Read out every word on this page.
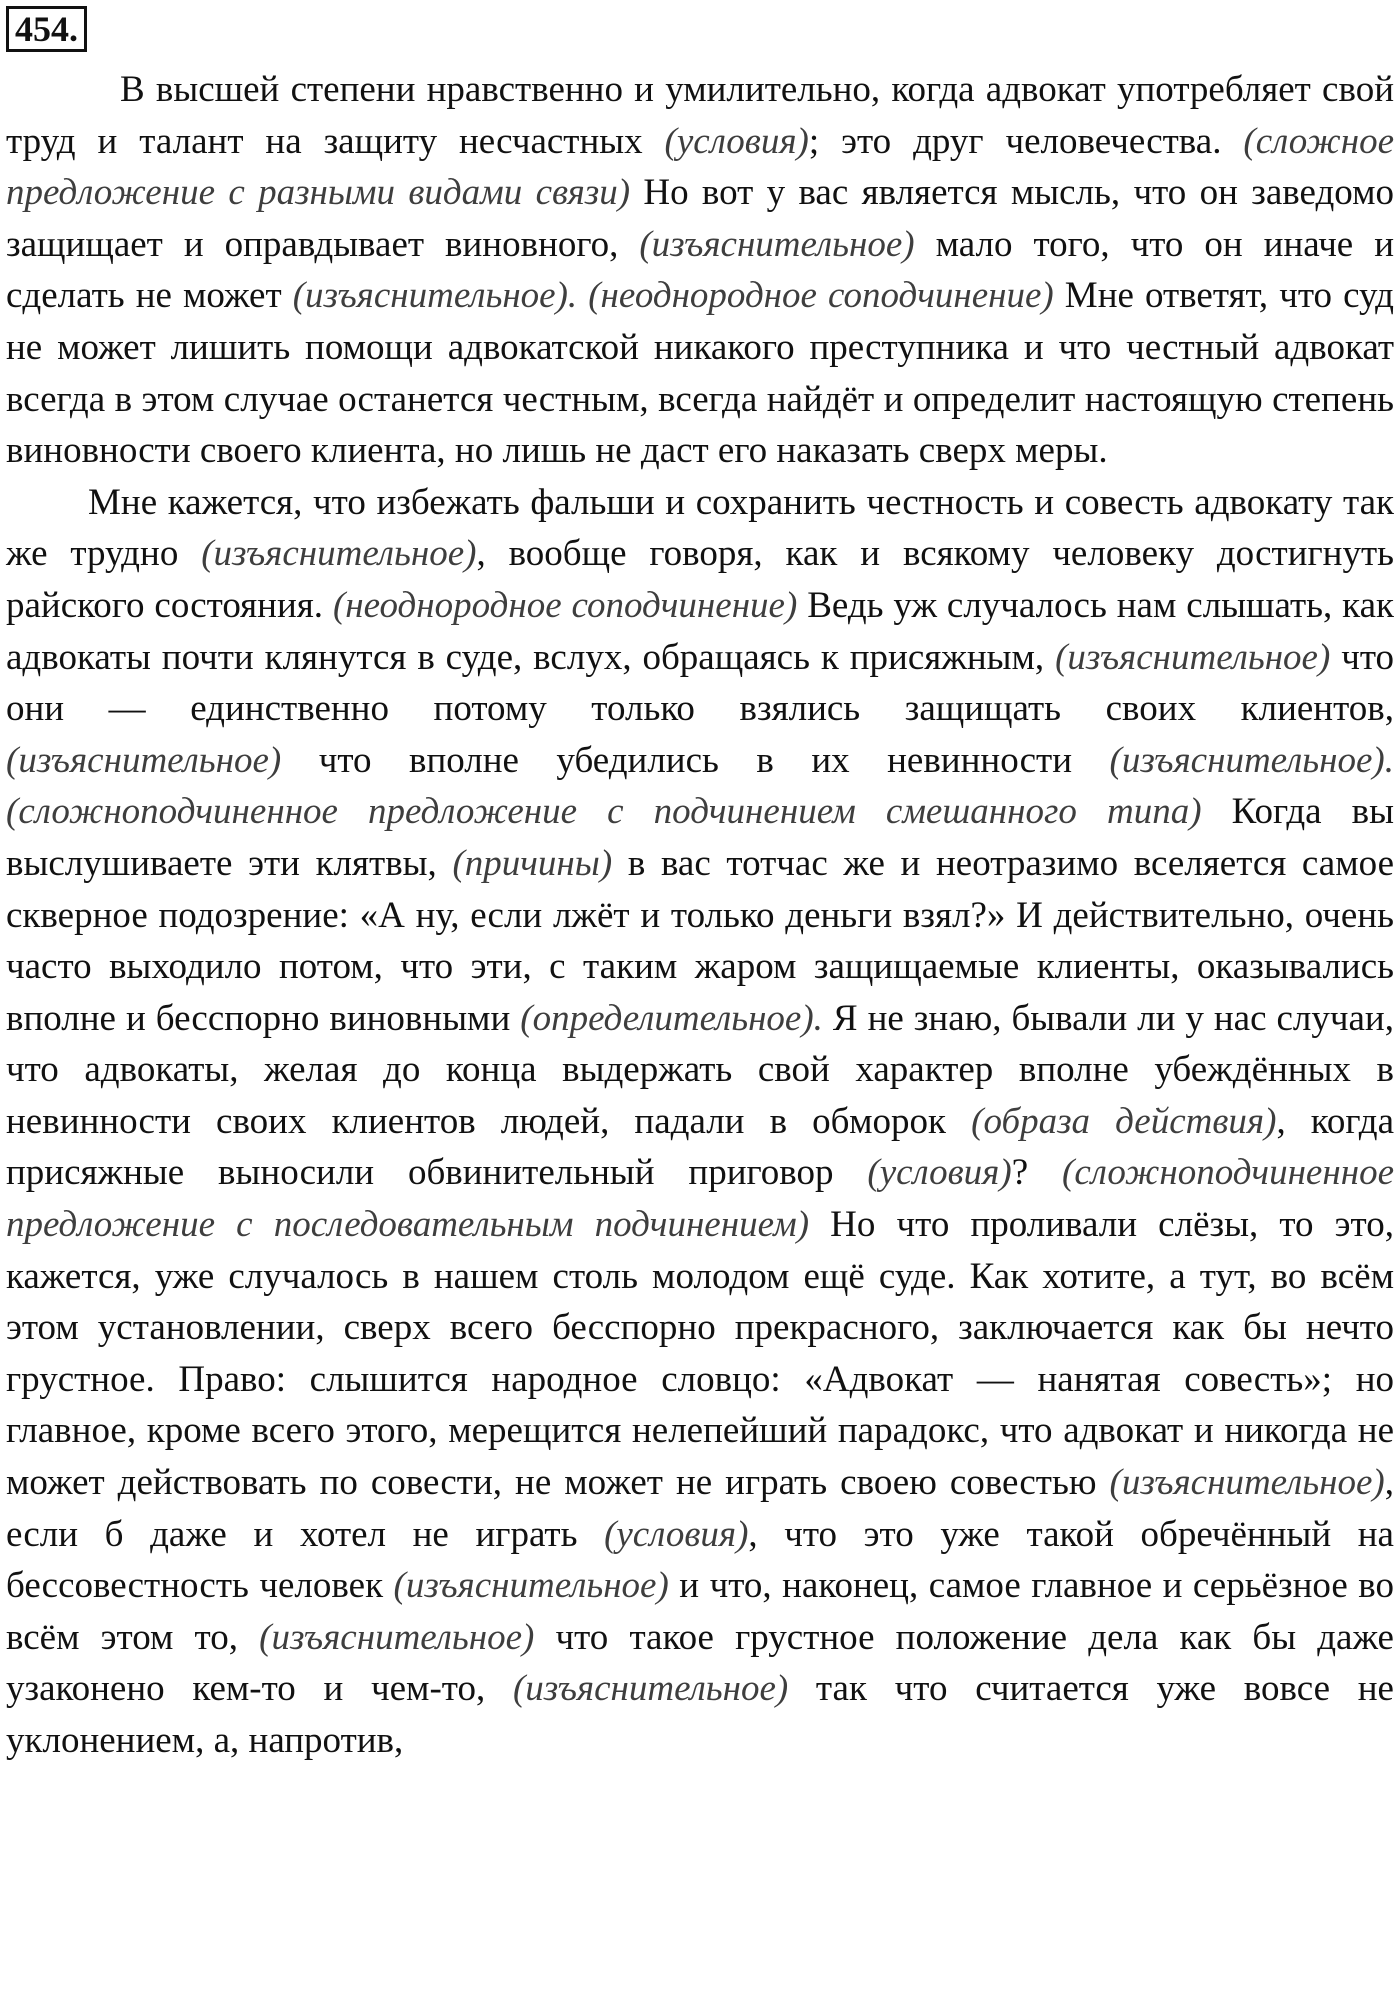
454.

В высшей степени нравственно и умилительно, когда адвокат употребляет свой труд и талант на защиту несчастных (условия); это друг человечества. (сложное предложение с разными видами связи) Но вот у вас является мысль, что он заведомо защищает и оправдывает виновного, (изъяснительное) мало того, что он иначе и сделать не может (изъяснительное). (неоднородное соподчинение) Мне ответят, что суд не может лишить помощи адвокатской никакого преступника и что честный адвокат всегда в этом случае останется честным, всегда найдёт и определит настоящую степень виновности своего клиента, но лишь не даст его наказать сверх меры.

Мне кажется, что избежать фальши и сохранить честность и совесть адвокату так же трудно (изъяснительное), вообще говоря, как и всякому человеку достигнуть райского состояния. (неоднородное соподчинение) Ведь уж случалось нам слышать, как адвокаты почти клянутся в суде, вслух, обращаясь к присяжным, (изъяснительное) что они — единственно потому только взялись защищать своих клиентов, (изъяснительное) что вполне убедились в их невинности (изъяснительное). (сложноподчиненное предложение с подчинением смешанного типа) Когда вы выслушиваете эти клятвы, (причины) в вас тотчас же и неотразимо вселяется самое скверное подозрение: «А ну, если лжёт и только деньги взял?» И действительно, очень часто выходило потом, что эти, с таким жаром защищаемые клиенты, оказывались вполне и бесспорно виновными (определительное). Я не знаю, бывали ли у нас случаи, что адвокаты, желая до конца выдержать свой характер вполне убеждённых в невинности своих клиентов людей, падали в обморок (образа действия), когда присяжные выносили обвинительный приговор (условия)? (сложноподчиненное предложение с последовательным подчинением) Но что проливали слёзы, то это, кажется, уже случалось в нашем столь молодом ещё суде. Как хотите, а тут, во всём этом установлении, сверх всего бесспорно прекрасного, заключается как бы нечто грустное. Право: слышится народное словцо: «Адвокат — нанятая совесть»; но главное, кроме всего этого, мерещится нелепейший парадокс, что адвокат и никогда не может действовать по совести, не может не играть своею совестью (изъяснительное), если б даже и хотел не играть (условия), что это уже такой обречённый на бессовестность человек (изъяснительное) и что, наконец, самое главное и серьёзное во всём этом то, (изъяснительное) что такое грустное положение дела как бы даже узаконено кем-то и чем-то, (изъяснительное) так что считается уже вовсе не уклонением, а, напротив,
